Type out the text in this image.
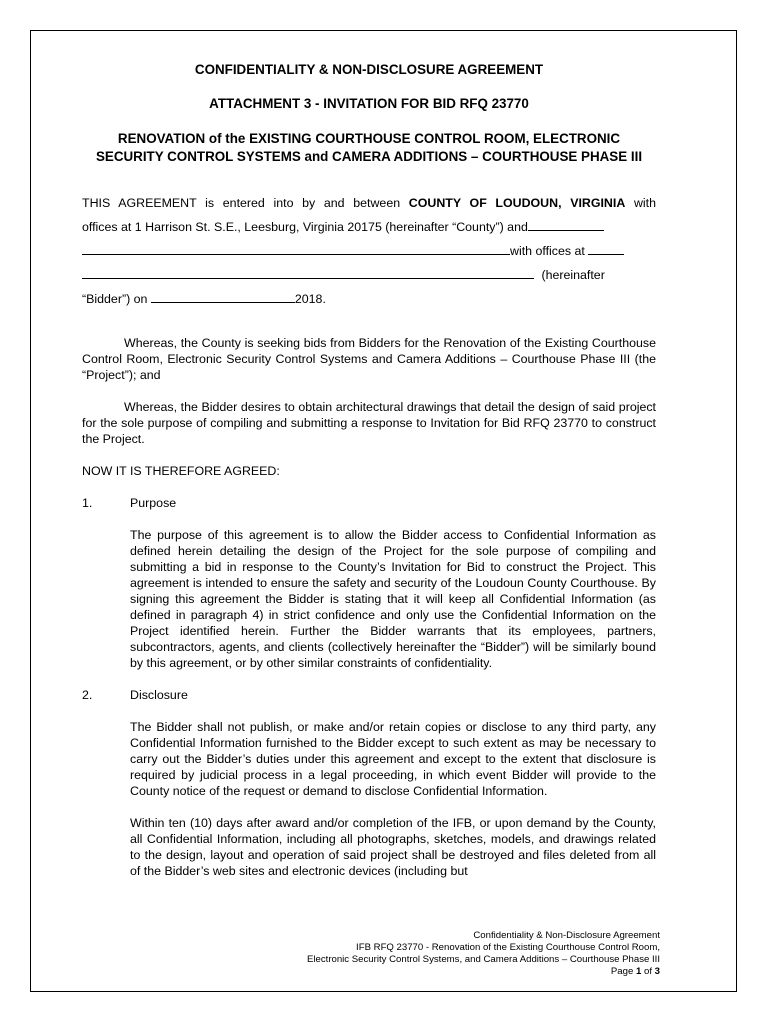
CONFIDENTIALITY & NON-DISCLOSURE AGREEMENT
ATTACHMENT 3 - INVITATION FOR BID RFQ 23770
RENOVATION of the EXISTING COURTHOUSE CONTROL ROOM, ELECTRONIC SECURITY CONTROL SYSTEMS and CAMERA ADDITIONS – COURTHOUSE PHASE III
THIS AGREEMENT is entered into by and between COUNTY OF LOUDOUN, VIRGINIA with
offices at 1 Harrison St. S.E., Leesburg, Virginia 20175 (hereinafter “County”) and
with offices at
(hereinafter
“Bidder”) on	2018.

Whereas, the County is seeking bids from Bidders for the Renovation of the Existing Courthouse Control Room, Electronic Security Control Systems and Camera Additions – Courthouse Phase III (the “Project”); and

Whereas, the Bidder desires to obtain architectural drawings that detail the design of said project for the sole purpose of compiling and submitting a response to Invitation for Bid RFQ 23770 to construct the Project.

NOW IT IS THEREFORE AGREED:

1.	Purpose

The purpose of this agreement is to allow the Bidder access to Confidential Information as defined herein detailing the design of the Project for the sole purpose of compiling and submitting a bid in response to the County’s Invitation for Bid to construct the Project. This agreement is intended to ensure the safety and security of the Loudoun County Courthouse. By signing this agreement the Bidder is stating that it will keep all Confidential Information (as defined in paragraph 4) in strict confidence and only use the Confidential Information on the Project identified herein. Further the Bidder warrants that its employees, partners, subcontractors, agents, and clients (collectively hereinafter the “Bidder”) will be similarly bound by this agreement, or by other similar constraints of confidentiality.

2.	Disclosure

The Bidder shall not publish, or make and/or retain copies or disclose to any third party, any Confidential Information furnished to the Bidder except to such extent as may be necessary to carry out the Bidder’s duties under this agreement and except to the extent that disclosure is required by judicial process in a legal proceeding, in which event Bidder will provide to the County notice of the request or demand to disclose Confidential Information.

Within ten (10) days after award and/or completion of the IFB, or upon demand by the County, all Confidential Information, including all photographs, sketches, models, and drawings related to the design, layout and operation of said project shall be destroyed and files deleted from all of the Bidder’s web sites and electronic devices (including but

Confidentiality & Non-Disclosure Agreement
IFB RFQ 23770 - Renovation of the Existing Courthouse Control Room,
Electronic Security Control Systems, and Camera Additions – Courthouse Phase III
Page 1 of 3
